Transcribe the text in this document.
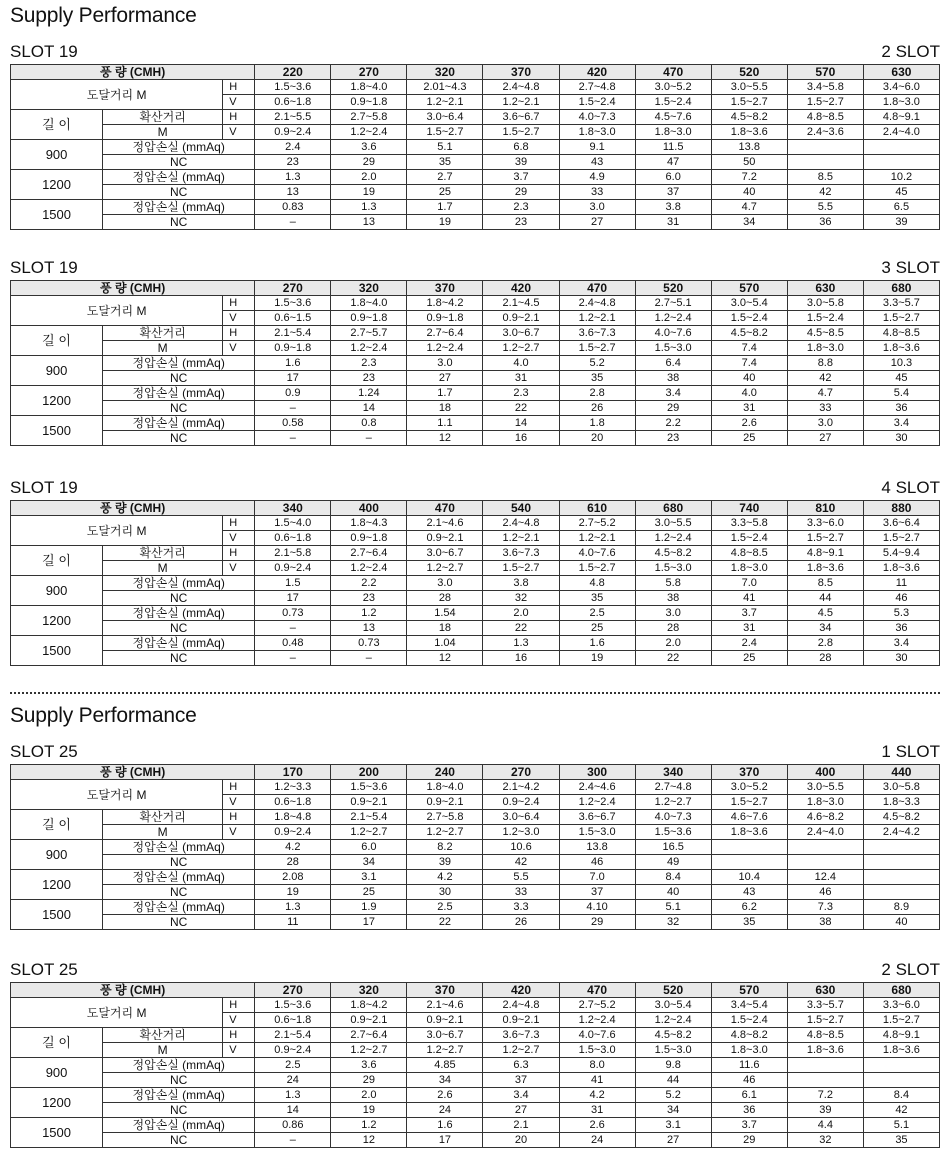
Supply Performance
Supply Performance
SLOT 19	2 SLOT
풍 량 (CMH)			220	270	320	370	420	470	520	570	630
도달거리 M		H	1.5~3.6	1.8~4.0	2.01~4.3	2.4~4.8	2.7~4.8	3.0~5.2	3.0~5.5	3.4~5.8	3.4~6.0
		V	0.6~1.8	0.9~1.8	1.2~2.1	1.2~2.1	1.5~2.4	1.5~2.4	1.5~2.7	1.5~2.7	1.8~3.0
길 이	확산거리	H	2.1~5.5	2.7~5.8	3.0~6.4	3.6~6.7	4.0~7.3	4.5~7.6	4.5~8.2	4.8~8.5	4.8~9.1
	M	V	0.9~2.4	1.2~2.4	1.5~2.7	1.5~2.7	1.8~3.0	1.8~3.0	1.8~3.6	2.4~3.6	2.4~4.0
900	정압손실 (mmAq)		2.4	3.6	5.1	6.8	9.1	11.5	13.8		
	NC		23	29	35	39	43	47	50		
1200	정압손실 (mmAq)		1.3	2.0	2.7	3.7	4.9	6.0	7.2	8.5	10.2
	NC		13	19	25	29	33	37	40	42	45
1500	정압손실 (mmAq)		0.83	1.3	1.7	2.3	3.0	3.8	4.7	5.5	6.5
	NC		–	13	19	23	27	31	34	36	39
SLOT 19	3 SLOT
풍 량 (CMH)			270	320	370	420	470	520	570	630	680
도달거리 M		H	1.5~3.6	1.8~4.0	1.8~4.2	2.1~4.5	2.4~4.8	2.7~5.1	3.0~5.4	3.0~5.8	3.3~5.7
		V	0.6~1.5	0.9~1.8	0.9~1.8	0.9~2.1	1.2~2.1	1.2~2.4	1.5~2.4	1.5~2.4	1.5~2.7
길 이	확산거리	H	2.1~5.4	2.7~5.7	2.7~6.4	3.0~6.7	3.6~7.3	4.0~7.6	4.5~8.2	4.5~8.5	4.8~8.5
	M	V	0.9~1.8	1.2~2.4	1.2~2.4	1.2~2.7	1.5~2.7	1.5~3.0	7.4	1.8~3.0	1.8~3.6
900	정압손실 (mmAq)		1.6	2.3	3.0	4.0	5.2	6.4	7.4	8.8	10.3
	NC		17	23	27	31	35	38	40	42	45
1200	정압손실 (mmAq)		0.9	1.24	1.7	2.3	2.8	3.4	4.0	4.7	5.4
	NC		–	14	18	22	26	29	31	33	36
1500	정압손실 (mmAq)		0.58	0.8	1.1	14	1.8	2.2	2.6	3.0	3.4
	NC		–	–	12	16	20	23	25	27	30
SLOT 19	4 SLOT
풍 량 (CMH)			340	400	470	540	610	680	740	810	880
도달거리 M		H	1.5~4.0	1.8~4.3	2.1~4.6	2.4~4.8	2.7~5.2	3.0~5.5	3.3~5.8	3.3~6.0	3.6~6.4
		V	0.6~1.8	0.9~1.8	0.9~2.1	1.2~2.1	1.2~2.1	1.2~2.4	1.5~2.4	1.5~2.7	1.5~2.7
길 이	확산거리	H	2.1~5.8	2.7~6.4	3.0~6.7	3.6~7.3	4.0~7.6	4.5~8.2	4.8~8.5	4.8~9.1	5.4~9.4
	M	V	0.9~2.4	1.2~2.4	1.2~2.7	1.5~2.7	1.5~2.7	1.5~3.0	1.8~3.0	1.8~3.6	1.8~3.6
900	정압손실 (mmAq)		1.5	2.2	3.0	3.8	4.8	5.8	7.0	8.5	11
	NC		17	23	28	32	35	38	41	44	46
1200	정압손실 (mmAq)		0.73	1.2	1.54	2.0	2.5	3.0	3.7	4.5	5.3
	NC		–	13	18	22	25	28	31	34	36
1500	정압손실 (mmAq)		0.48	0.73	1.04	1.3	1.6	2.0	2.4	2.8	3.4
	NC		–	–	12	16	19	22	25	28	30
SLOT 25	1 SLOT
풍 량 (CMH)			170	200	240	270	300	340	370	400	440
도달거리 M		H	1.2~3.3	1.5~3.6	1.8~4.0	2.1~4.2	2.4~4.6	2.7~4.8	3.0~5.2	3.0~5.5	3.0~5.8
		V	0.6~1.8	0.9~2.1	0.9~2.1	0.9~2.4	1.2~2.4	1.2~2.7	1.5~2.7	1.8~3.0	1.8~3.3
길 이	확산거리	H	1.8~4.8	2.1~5.4	2.7~5.8	3.0~6.4	3.6~6.7	4.0~7.3	4.6~7.6	4.6~8.2	4.5~8.2
	M	V	0.9~2.4	1.2~2.7	1.2~2.7	1.2~3.0	1.5~3.0	1.5~3.6	1.8~3.6	2.4~4.0	2.4~4.2
900	정압손실 (mmAq)		4.2	6.0	8.2	10.6	13.8	16.5			
	NC		28	34	39	42	46	49			
1200	정압손실 (mmAq)		2.08	3.1	4.2	5.5	7.0	8.4	10.4	12.4	
	NC		19	25	30	33	37	40	43	46	
1500	정압손실 (mmAq)		1.3	1.9	2.5	3.3	4.10	5.1	6.2	7.3	8.9
	NC		11	17	22	26	29	32	35	38	40
SLOT 25	2 SLOT
풍 량 (CMH)			270	320	370	420	470	520	570	630	680
도달거리 M		H	1.5~3.6	1.8~4.2	2.1~4.6	2.4~4.8	2.7~5.2	3.0~5.4	3.4~5.4	3.3~5.7	3.3~6.0
		V	0.6~1.8	0.9~2.1	0.9~2.1	0.9~2.1	1.2~2.4	1.2~2.4	1.5~2.4	1.5~2.7	1.5~2.7
길 이	확산거리	H	2.1~5.4	2.7~6.4	3.0~6.7	3.6~7.3	4.0~7.6	4.5~8.2	4.8~8.2	4.8~8.5	4.8~9.1
	M	V	0.9~2.4	1.2~2.7	1.2~2.7	1.2~2.7	1.5~3.0	1.5~3.0	1.8~3.0	1.8~3.6	1.8~3.6
900	정압손실 (mmAq)		2.5	3.6	4.85	6.3	8.0	9.8	11.6		
	NC		24	29	34	37	41	44	46		
1200	정압손실 (mmAq)		1.3	2.0	2.6	3.4	4.2	5.2	6.1	7.2	8.4
	NC		14	19	24	27	31	34	36	39	42
1500	정압손실 (mmAq)		0.86	1.2	1.6	2.1	2.6	3.1	3.7	4.4	5.1
	NC		–	12	17	20	24	27	29	32	35
